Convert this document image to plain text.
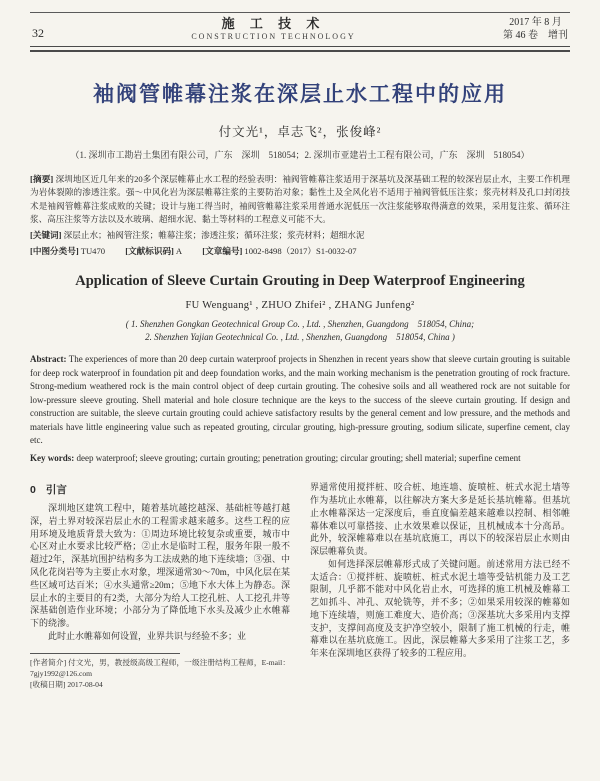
32
施 工 技 术
CONSTRUCTION TECHNOLOGY
2017 年 8 月
第 46 卷　增刊
袖阀管帷幕注浆在深层止水工程中的应用
付文光¹，卓志飞²，张俊峰²
（1. 深圳市工勘岩土集团有限公司，广东　深圳　518054；2. 深圳市亚建岩土工程有限公司，广东　深圳　518054）
[摘要] 深圳地区近几年来的20多个深层帷幕止水工程的经验表明：袖阀管帷幕注浆适用于深基坑及深基础工程的较深岩层止水，主要工作机理为岩体裂隙的渗透注浆。强～中风化岩为深层帷幕注浆的主要防治对象；黏性土及全风化岩不适用于袖阀管低压注浆；浆壳材料及孔口封闭技术是袖阀管帷幕注浆成败的关键；设计与施工得当时，袖阀管帷幕注浆采用普通水泥低压一次注浆能够取得满意的效果，采用复注浆、循环注浆、高压注浆等方法以及水玻璃、超细水泥、黏土等材料的工程意义可能不大。
[关键词] 深层止水；袖阀管注浆；帷幕注浆；渗透注浆；循环注浆；浆壳材料；超细水泥
[中图分类号] TU470 [文献标识码] A [文章编号] 1002-8498（2017）S1-0032-07
Application of Sleeve Curtain Grouting in Deep Waterproof Engineering
FU Wenguang¹ , ZHUO Zhifei² , ZHANG Junfeng²
( 1. Shenzhen Gongkan Geotechnical Group Co. , Ltd. , Shenzhen, Guangdong　518054, China;
2. Shenzhen Yajian Geotechnical Co. , Ltd. , Shenzhen, Guangdong　518054, China )
Abstract: The experiences of more than 20 deep curtain waterproof projects in Shenzhen in recent years show that sleeve curtain grouting is suitable for deep rock waterproof in foundation pit and deep foundation works, and the main working mechanism is the penetration grouting of rock fracture. Strong-medium weathered rock is the main control object of deep curtain grouting. The cohesive soils and all weathered rock are not suitable for low-pressure sleeve grouting. Shell material and hole closure technique are the keys to the success of the sleeve curtain grouting. If design and construction are suitable, the sleeve curtain grouting could achieve satisfactory results by the general cement and low pressure, and the methods and materials have little engineering value such as repeated grouting, circular grouting, high-pressure grouting, sodium silicate, superfine cement, clay etc.
Key words: deep waterproof; sleeve grouting; curtain grouting; penetration grouting; circular grouting; shell material; superfine cement
0 引言

深圳地区建筑工程中，随着基坑越挖越深、基础桩等越打越深，岩土界对较深岩层止水的工程需求越来越多。这些工程的应用环境及地质背景大致为：①周边环境比较复杂或重要，城市中心区对止水要求比较严格；②止水是临时工程，服务年限一般不超过2年，深基坑围护结构多为工法成熟的地下连续墙；③强、中风化花岗岩等为主要止水对象，埋深通常30～70m，中风化层在某些区域可达百米；④水头通常≥20m；⑤地下水大体上为静态。深层止水的主要目的有2类，大部分为给人工挖孔桩、人工挖孔井等深基础创造作业环境；小部分为了降低地下水头及减少止水帷幕下的绕渗。

此时止水帷幕如何设置，业界共识与经验不多；业

[作者简介] 付文光，男，教授级高级工程师，一级注册结构工程师，E-mail：7gjy1992@126.com
[收稿日期] 2017-08-04

界通常使用搅拌桩、咬合桩、地连墙、旋喷桩、桩式水泥土墙等作为基坑止水帷幕，以往解决方案大多是延长基坑帷幕。但基坑止水帷幕深达一定深度后，垂直度偏差越来越难以控制、相邻帷幕体难以可靠搭接、止水效果难以保证，且机械成本十分高昂。此外，较深帷幕难以在基坑底施工，再以下的较深岩层止水则由深层帷幕负责。

如何选择深层帷幕形式成了关键问题。前述常用方法已经不太适合：①搅拌桩、旋喷桩、桩式水泥土墙等受钻机能力及工艺限制，几乎都不能对中风化岩止水，可选择的施工机械及帷幕工艺如抓斗、冲孔、双轮铣等，并不多；②如果采用较深的帷幕如地下连续墙，则施工难度大、造价高；③深基坑大多采用内支撑支护，支撑间高度及支护净空较小，限制了施工机械的行走，帷幕难以在基坑底施工。因此，深层帷幕大多采用了注浆工艺，多年来在深圳地区获得了较多的工程应用。
